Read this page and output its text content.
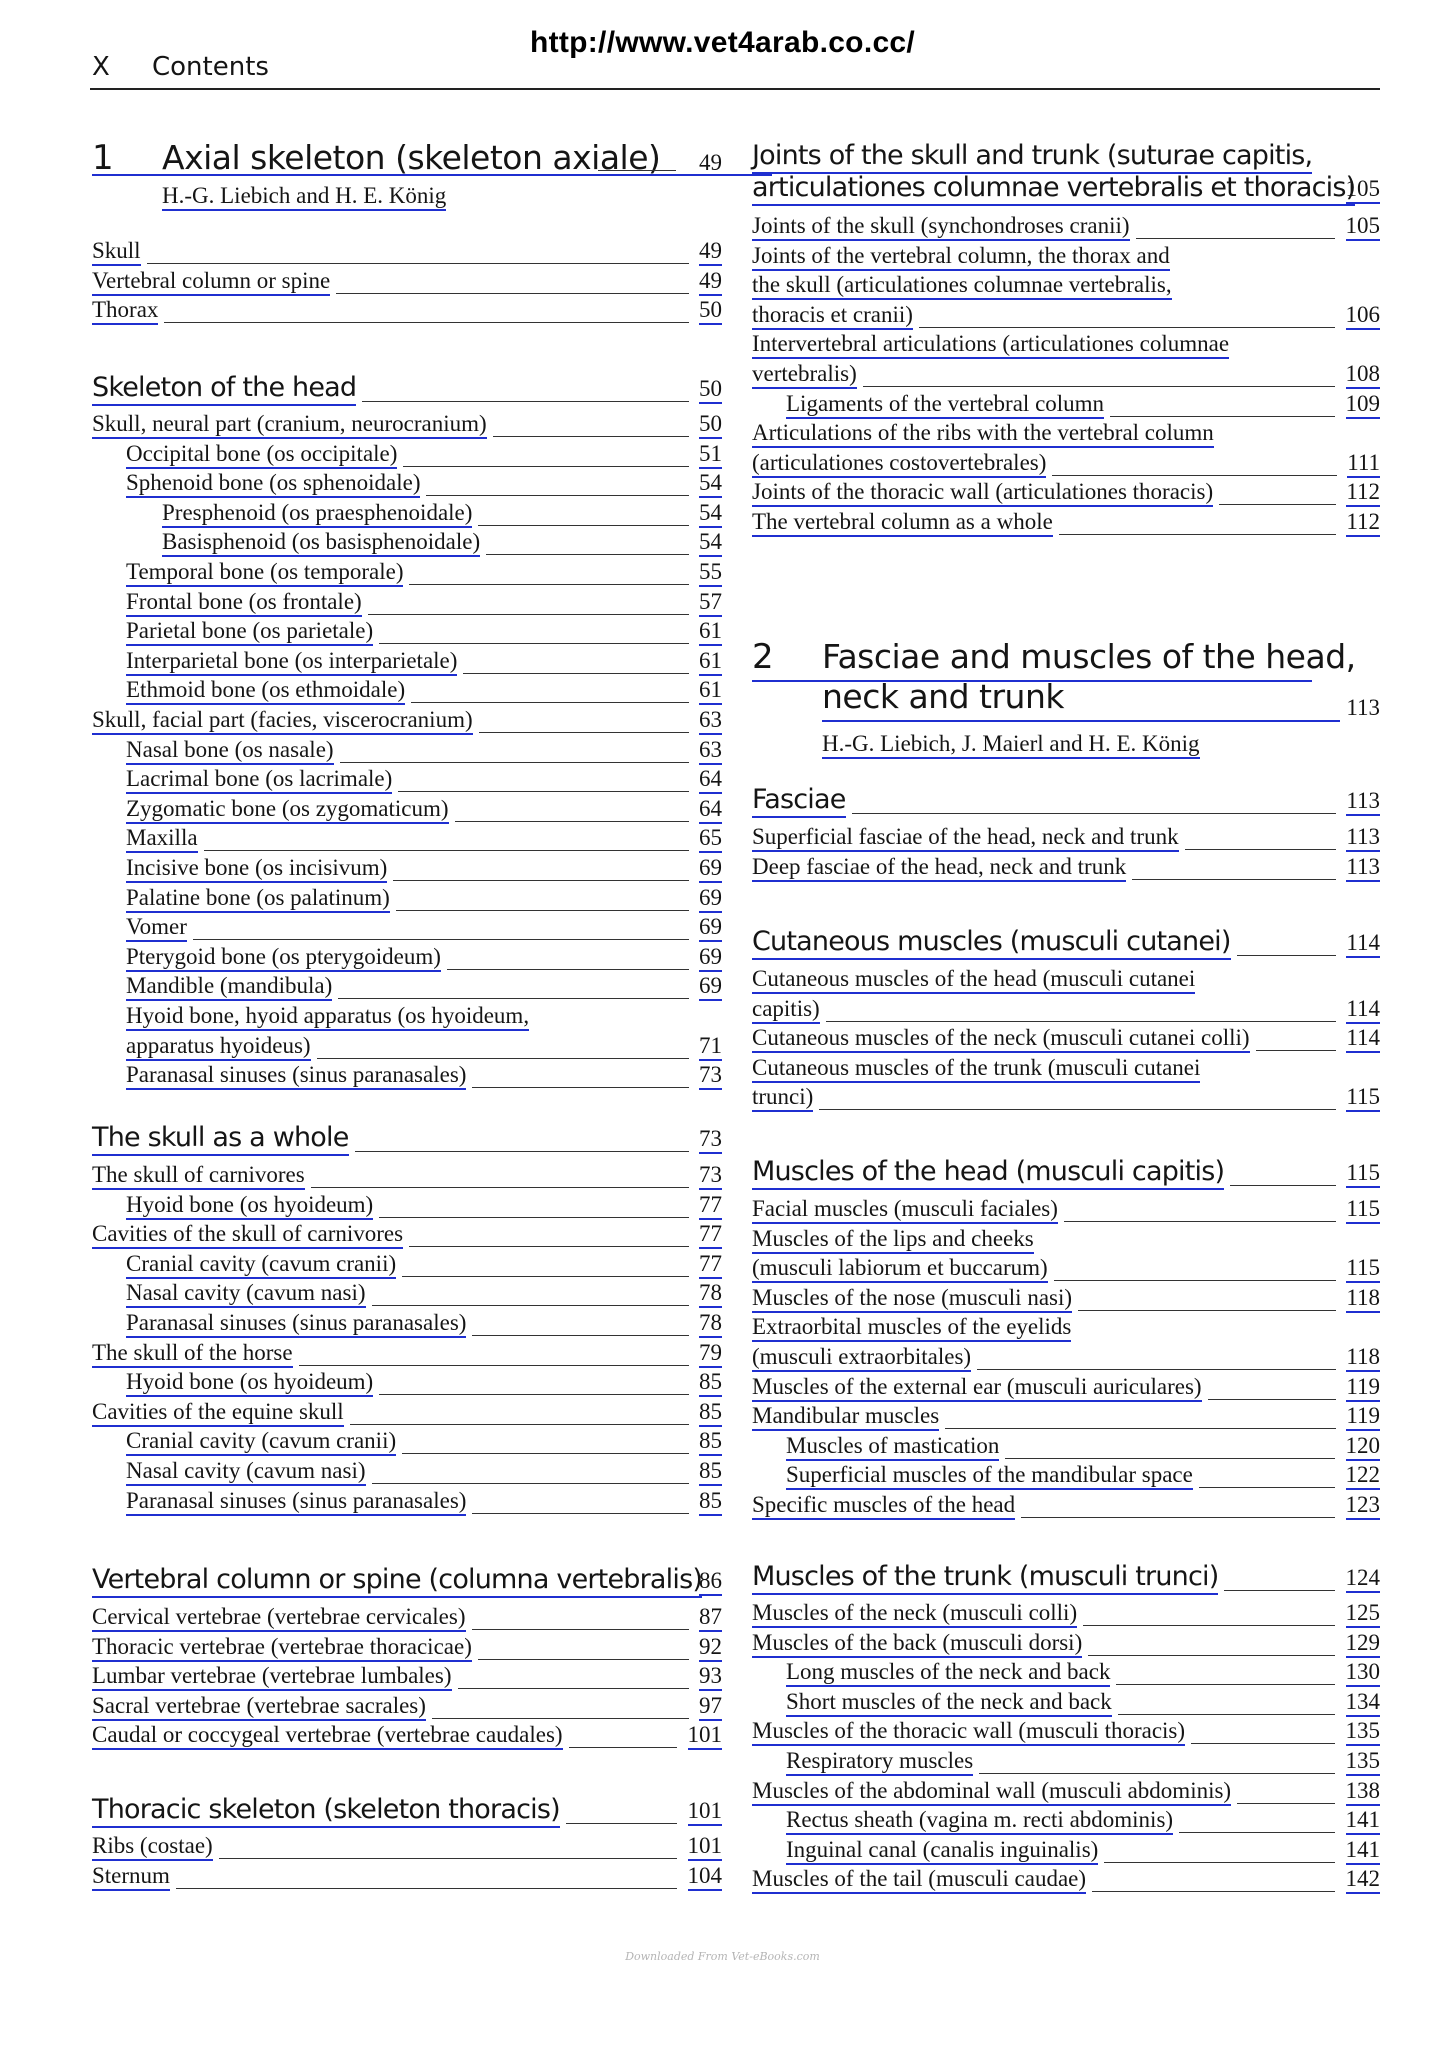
http://www.vet4arab.co.cc/
X Contents
1 Axial skeleton (skeleton axiale) 49
H.-G. Liebich and H. E. König
Skull	49
Vertebral column or spine	49
Thorax	50
Skeleton of the head	50
Skull, neural part (cranium, neurocranium)	50
Occipital bone (os occipitale)	51
Sphenoid bone (os sphenoidale)	54
Presphenoid (os praesphenoidale)	54
Basisphenoid (os basisphenoidale)	54
Temporal bone (os temporale)	55
Frontal bone (os frontale)	57
Parietal bone (os parietale)	61
Interparietal bone (os interparietale)	61
Ethmoid bone (os ethmoidale)	61
Skull, facial part (facies, viscerocranium)	63
Nasal bone (os nasale)	63
Lacrimal bone (os lacrimale)	64
Zygomatic bone (os zygomaticum)	64
Maxilla	65
Incisive bone (os incisivum)	69
Palatine bone (os palatinum)	69
Vomer	69
Pterygoid bone (os pterygoideum)	69
Mandible (mandibula)	69
Hyoid bone, hyoid apparatus (os hyoideum,
apparatus hyoideus)	71
Paranasal sinuses (sinus paranasales)	73
The skull as a whole	73
The skull of carnivores	73
Hyoid bone (os hyoideum)	77
Cavities of the skull of carnivores	77
Cranial cavity (cavum cranii)	77
Nasal cavity (cavum nasi)	78
Paranasal sinuses (sinus paranasales)	78
The skull of the horse	79
Hyoid bone (os hyoideum)	85
Cavities of the equine skull	85
Cranial cavity (cavum cranii)	85
Nasal cavity (cavum nasi)	85
Paranasal sinuses (sinus paranasales)	85
Vertebral column or spine (columna vertebralis)
86
Cervical vertebrae (vertebrae cervicales)	87
Thoracic vertebrae (vertebrae thoracicae)	92
Lumbar vertebrae (vertebrae lumbales)	93
Sacral vertebrae (vertebrae sacrales)	97
Caudal or coccygeal vertebrae (vertebrae caudales)	101
Thoracic skeleton (skeleton thoracis)	101
Ribs (costae)	101
Sternum	104
Joints of the skull and trunk (suturae capitis,
articulationes columnae vertebralis et thoracis)
105
Joints of the skull (synchondroses cranii)	105
Joints of the vertebral column, the thorax and
the skull (articulationes columnae vertebralis,
thoracis et cranii)	106
Intervertebral articulations (articulationes columnae
vertebralis)	108
Ligaments of the vertebral column	109
Articulations of the ribs with the vertebral column
(articulationes costovertebrales)	111
Joints of the thoracic wall (articulationes thoracis)	112
The vertebral column as a whole	112
2 Fasciae and muscles of the head,
neck and trunk	113
H.-G. Liebich, J. Maierl and H. E. König
Fasciae	113
Superficial fasciae of the head, neck and trunk	113
Deep fasciae of the head, neck and trunk	113
Cutaneous muscles (musculi cutanei)	114
Cutaneous muscles of the head (musculi cutanei
capitis)	114
Cutaneous muscles of the neck (musculi cutanei colli)	114
Cutaneous muscles of the trunk (musculi cutanei
trunci)	115
Muscles of the head (musculi capitis)	115
Facial muscles (musculi faciales)	115
Muscles of the lips and cheeks
(musculi labiorum et buccarum)	115
Muscles of the nose (musculi nasi)	118
Extraorbital muscles of the eyelids
(musculi extraorbitales)	118
Muscles of the external ear (musculi auriculares)	119
Mandibular muscles	119
Muscles of mastication	120
Superficial muscles of the mandibular space	122
Specific muscles of the head	123
Muscles of the trunk (musculi trunci)	124
Muscles of the neck (musculi colli)	125
Muscles of the back (musculi dorsi)	129
Long muscles of the neck and back	130
Short muscles of the neck and back	134
Muscles of the thoracic wall (musculi thoracis)	135
Respiratory muscles	135
Muscles of the abdominal wall (musculi abdominis)	138
Rectus sheath (vagina m. recti abdominis)	141
Inguinal canal (canalis inguinalis)	141
Muscles of the tail (musculi caudae)	142
Downloaded From Vet-eBooks.com
